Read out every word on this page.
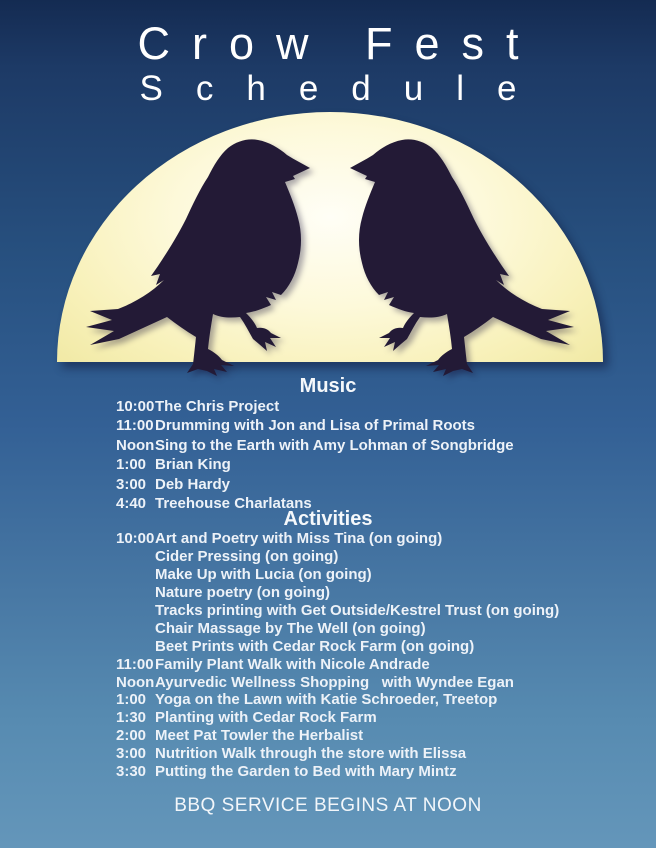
Crow Fest
Schedule
Music
10:00 The Chris Project
11:00 Drumming with Jon and Lisa of Primal Roots
Noon Sing to the Earth with Amy Lohman of Songbridge
1:00 Brian King
3:00 Deb Hardy
4:40 Treehouse Charlatans
Activities
10:00 Art and Poetry with Miss Tina (on going)
Cider Pressing (on going)
Make Up with Lucia (on going)
Nature poetry (on going)
Tracks printing with Get Outside/Kestrel Trust (on going)
Chair Massage by The Well (on going)
Beet Prints with Cedar Rock Farm (on going)
11:00 Family Plant Walk with Nicole Andrade
Noon Ayurvedic Wellness Shopping   with Wyndee Egan
1:00 Yoga on the Lawn with Katie Schroeder, Treetop
1:30 Planting with Cedar Rock Farm
2:00 Meet Pat Towler the Herbalist
3:00 Nutrition Walk through the store with Elissa
3:30 Putting the Garden to Bed with Mary Mintz
BBQ SERVICE BEGINS AT NOON
